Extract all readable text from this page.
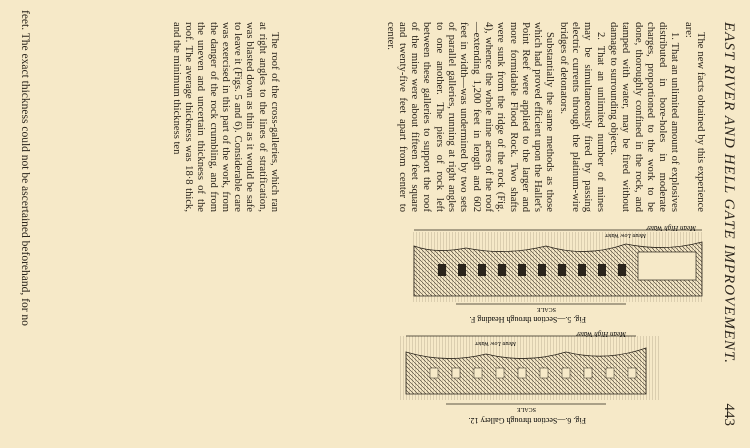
EAST RIVER AND HELL GATE IMPROVEMENT.
443

The new facts obtained by this experience are:

1. That an unlimited amount of explosives distributed in bore-holes in moderate charges, proportioned to the work to be done, thoroughly confined in the rock, and tamped with water, may be fired without damage to surrounding objects.

2. That an unlimited number of mines may be simultaneously fired by passing electric currents through the platinum-wire bridges of detonators.

Substantially the same methods as those which had proved efficient upon the Hallet's Point Reef were applied to the larger and more formidable Flood Rock. Two shafts were sunk from the ridge of the rock (Fig. 4), whence the whole nine acres of the roof—extending 1,200 feet in length and 602 feet in width—was undermined by two sets of parallel galleries, running at right angles to one another. The piers of rock left between these galleries to support the roof of the mine were about fifteen feet square and twenty-five feet apart from center to center.

The roof of the cross-galleries, which ran at right angles to the lines of stratification, was blasted down as thin as it would be safe to leave it (Figs. 5 and 6). Considerable care was exercised in this part of the work, from the danger of the rock crumbling, and from the uneven and uncertain thickness of the roof. The average thickness was 18·8 thick, and the minimum thickness ten

Mean High Water
Mean Low Water
SCALE
Fig. 5.—Section through Heading F.
Mean High Water
Mean Low Water
SCALE
Fig. 6.—Section through Gallery 12.
feet. The exact thickness could not be ascertained beforehand, for no
